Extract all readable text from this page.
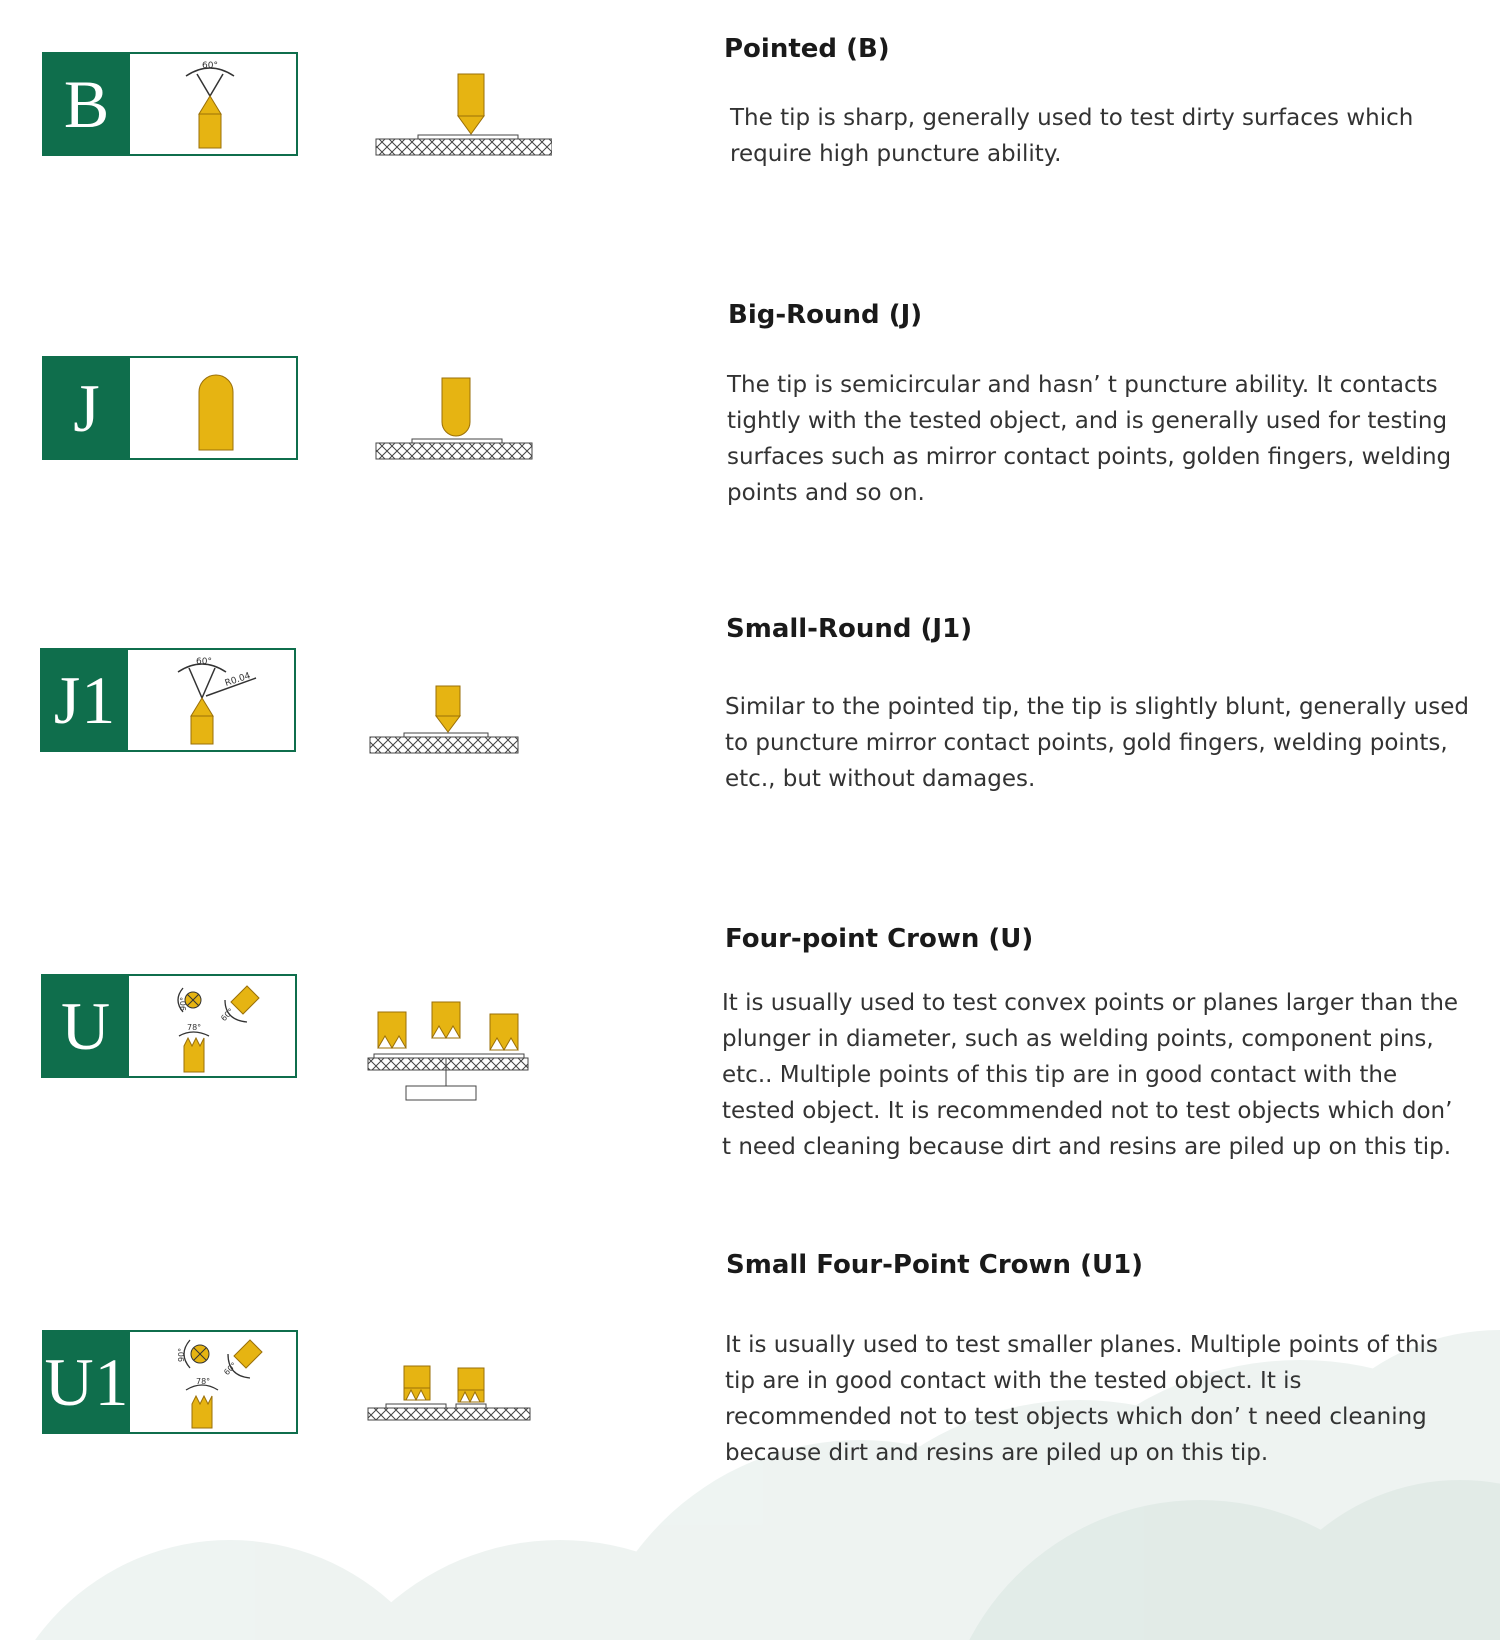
B	60°
Pointed (B)
The tip is sharp, generally used to test dirty surfaces which require high puncture ability.
J
Big-Round (J)
The tip is semicircular and hasn’ t puncture ability. It contacts tightly with the tested object, and is generally used for testing surfaces such as mirror contact points, golden fingers, welding points and so on.
J1	60°
R0.04
Small-Round (J1)
Similar to the pointed tip, the tip is slightly blunt, generally used to puncture mirror contact points, gold fingers, welding points, etc., but without damages.
U	90°
60°
78°
Four-point Crown (U)
It is usually used to test convex points or planes larger than the plunger in diameter, such as welding points, component pins, etc.. Multiple points of this tip are in good contact with the tested object. It is recommended not to test objects which don’ t need cleaning because dirt and resins are piled up on this tip.
U1	90°
60°
78°
Small Four-Point Crown (U1)
It is usually used to test smaller planes. Multiple points of this tip are in good contact with the tested object. It is recommended not to test objects which don’ t need cleaning because dirt and resins are piled up on this tip.
